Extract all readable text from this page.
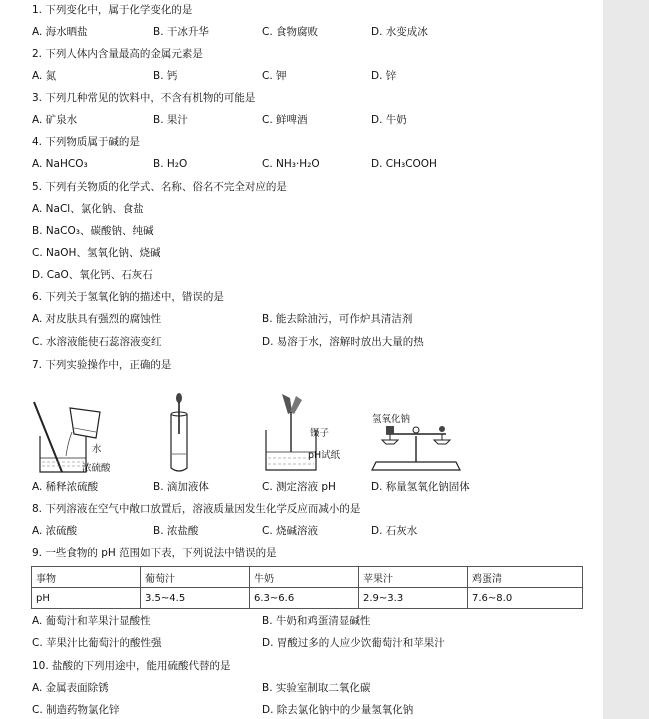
1. 下列变化中，属于化学变化的是
A. 海水晒盐	B. 干冰升华	C. 食物腐败	D. 水变成冰
2. 下列人体内含量最高的金属元素是
A. 氮	B. 钙	C. 钾	D. 锌
3. 下列几种常见的饮料中，不含有机物的可能是
A. 矿泉水	B. 果汁	C. 鲜啤酒	D. 牛奶
4. 下列物质属于碱的是
A. NaHCO₃	B. H₂O	C. NH₃·H₂O	D. CH₃COOH
5. 下列有关物质的化学式、名称、俗名不完全对应的是
A. NaCl、氯化钠、食盐
B. NaCO₃、碳酸钠、纯碱
C. NaOH、氢氧化钠、烧碱
D. CaO、氧化钙、石灰石
6. 下列关于氢氧化钠的描述中，错误的是
A. 对皮肤具有强烈的腐蚀性	B. 能去除油污，可作炉具清洁剂
C. 水溶液能使石蕊溶液变红	D. 易溶于水，溶解时放出大量的热
7. 下列实验操作中，正确的是
水
浓硫酸
镊子
pH试纸
氢氧化钠
A. 稀释浓硫酸	B. 滴加液体	C. 测定溶液 pH	D. 称量氢氧化钠固体
8. 下列溶液在空气中敞口放置后，溶液质量因发生化学反应而减小的是
A. 浓硫酸	B. 浓盐酸	C. 烧碱溶液	D. 石灰水
9. 一些食物的 pH 范围如下表，下列说法中错误的是
事物	葡萄汁	牛奶	苹果汁	鸡蛋清
pH	3.5~4.5	6.3~6.6	2.9~3.3	7.6~8.0
A. 葡萄汁和苹果汁显酸性	B. 牛奶和鸡蛋清显碱性
C. 苹果汁比葡萄汁的酸性强	D. 胃酸过多的人应少饮葡萄汁和苹果汁
10. 盐酸的下列用途中，能用硫酸代替的是
A. 金属表面除锈	B. 实验室制取二氧化碳
C. 制造药物氯化锌	D. 除去氯化钠中的少量氢氧化钠
